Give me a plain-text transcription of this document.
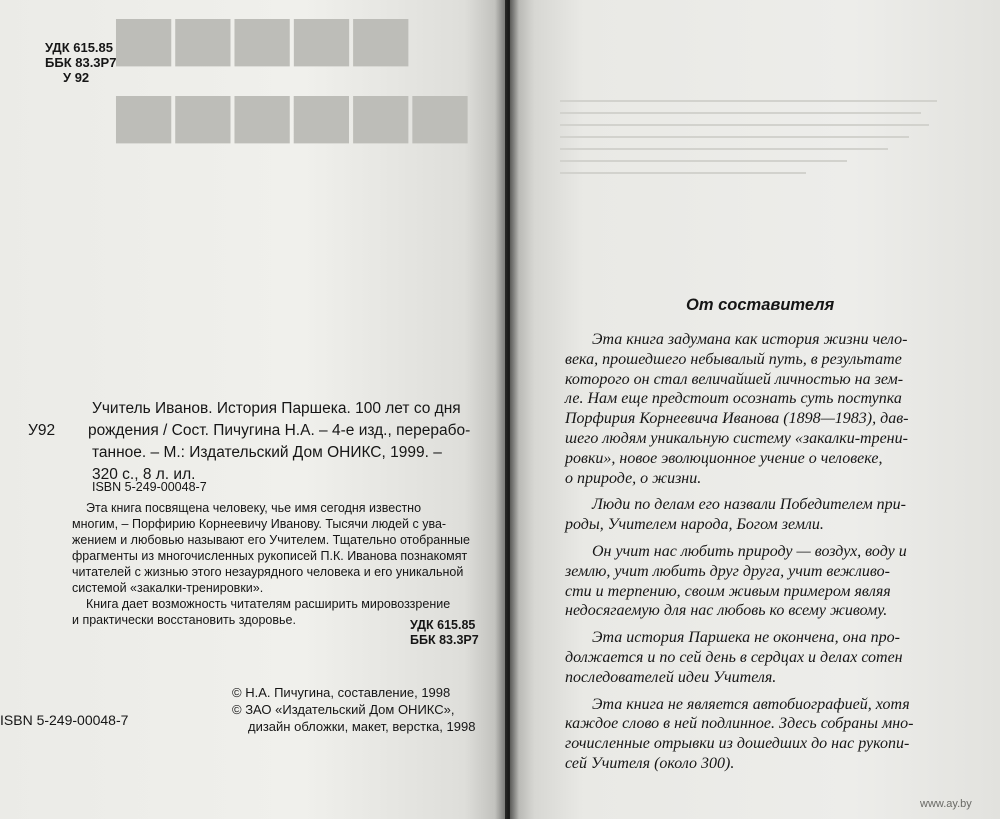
▀▀▀▀▀
▀▀▀▀▀▀
УДК 615.85
ББК 83.3Р7
У 92
Учитель Иванов. История Паршека. 100 лет со дня
У92 рождения / Сост. Пичугина Н.А. – 4-е изд., перерабо-
танное. – М.: Издательский Дом ОНИКС, 1999. –
320 с., 8 л. ил.
ISBN 5-249-00048-7
Эта книга посвящена человеку, чье имя сегодня известно
многим, – Порфирию Корнеевичу Иванову. Тысячи людей с ува-
жением и любовью называют его Учителем. Тщательно отобранные
фрагменты из многочисленных рукописей П.К. Иванова познакомят
читателей с жизнью этого незаурядного человека и его уникальной
системой «закалки-тренировки».
Книга дает возможность читателям расширить мировоззрение
и практически восстановить здоровье.	УДК 615.85
ББК 83.3Р7
ISBN 5-249-00048-7
© Н.А. Пичугина, составление, 1998
© ЗАО «Издательский Дом ОНИКС»,
дизайн обложки, макет, верстка, 1998
От составителя
Эта книга задумана как история жизни чело-
века, прошедшего небывалый путь, в результате
которого он стал величайшей личностью на зем-
ле. Нам еще предстоит осознать суть поступка
Порфирия Корнеевича Иванова (1898—1983), дав-
шего людям уникальную систему «закалки-трени-
ровки», новое эволюционное учение о человеке,
о природе, о жизни.
Люди по делам его назвали Победителем при-
роды, Учителем народа, Богом земли.
Он учит нас любить природу — воздух, воду и
землю, учит любить друг друга, учит вежливо-
сти и терпению, своим живым примером являя
недосягаемую для нас любовь ко всему живому.
Эта история Паршека не окончена, она про-
должается и по сей день в сердцах и делах сотен
последователей идеи Учителя.
Эта книга не является автобиографией, хотя
каждое слово в ней подлинное. Здесь собраны мно-
гочисленные отрывки из дошедших до нас рукопи-
сей Учителя (около 300).
www.ay.by
